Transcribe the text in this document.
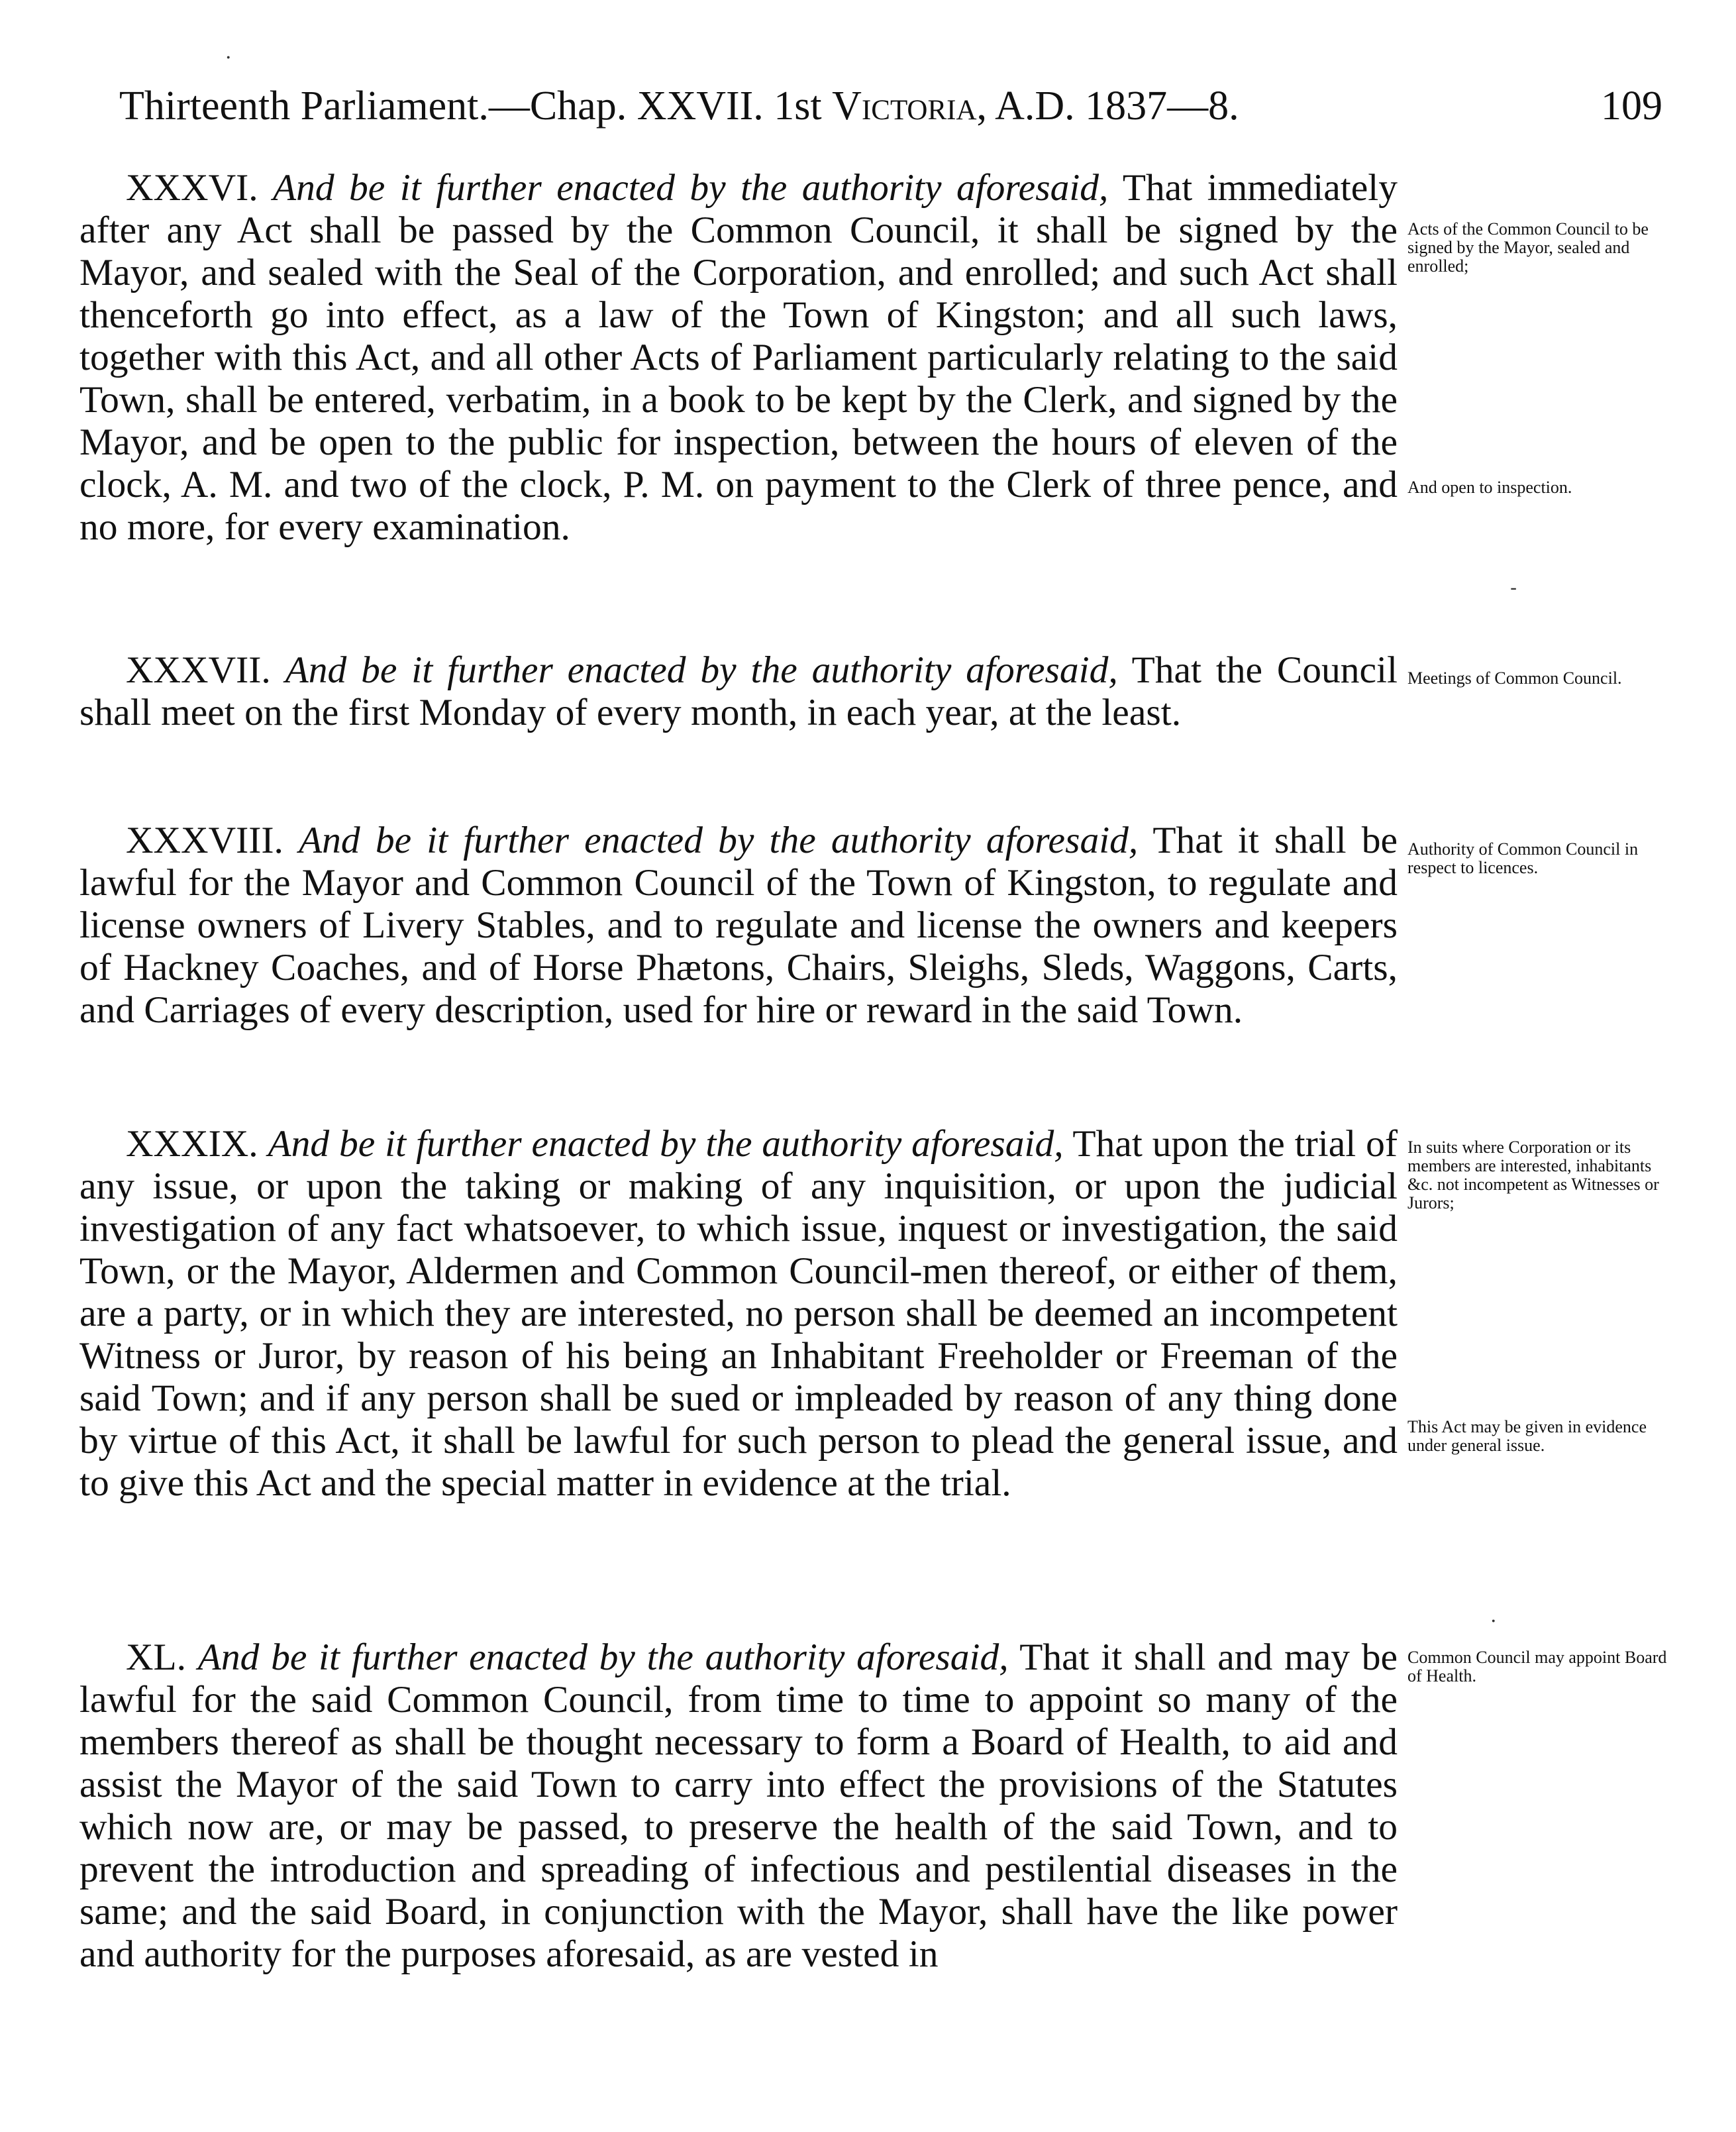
Thirteenth Parliament.—Chap. XXVII. 1st Victoria, A.D. 1837—8.	109

XXXVI. And be it further enacted by the authority aforesaid, That immediately after any Act shall be passed by the Common Council, it shall be signed by the Mayor, and sealed with the Seal of the Corporation, and enrolled; and such Act shall thenceforth go into effect, as a law of the Town of Kingston; and all such laws, together with this Act, and all other Acts of Parliament particularly relating to the said Town, shall be entered, verbatim, in a book to be kept by the Clerk, and signed by the Mayor, and be open to the public for inspection, between the hours of eleven of the clock, A. M. and two of the clock, P. M. on payment to the Clerk of three pence, and no more, for every examination.

XXXVII. And be it further enacted by the authority aforesaid, That the Council shall meet on the first Monday of every month, in each year, at the least.

XXXVIII. And be it further enacted by the authority aforesaid, That it shall be lawful for the Mayor and Common Council of the Town of Kingston, to regulate and license owners of Livery Stables, and to regulate and license the owners and keepers of Hackney Coaches, and of Horse Phætons, Chairs, Sleighs, Sleds, Waggons, Carts, and Carriages of every description, used for hire or reward in the said Town.

XXXIX. And be it further enacted by the authority aforesaid, That upon the trial of any issue, or upon the taking or making of any inquisition, or upon the judicial investigation of any fact whatsoever, to which issue, inquest or investigation, the said Town, or the Mayor, Aldermen and Common Council-men thereof, or either of them, are a party, or in which they are interested, no person shall be deemed an incompetent Witness or Juror, by reason of his being an Inhabitant Freeholder or Freeman of the said Town; and if any person shall be sued or impleaded by reason of any thing done by virtue of this Act, it shall be lawful for such person to plead the general issue, and to give this Act and the special matter in evidence at the trial.

XL. And be it further enacted by the authority aforesaid, That it shall and may be lawful for the said Common Council, from time to time to appoint so many of the members thereof as shall be thought necessary to form a Board of Health, to aid and assist the Mayor of the said Town to carry into effect the provisions of the Statutes which now are, or may be passed, to preserve the health of the said Town, and to prevent the introduction and spreading of infectious and pestilential diseases in the same; and the said Board, in conjunction with the Mayor, shall have the like power and authority for the purposes aforesaid, as are vested in

Acts of the Common Council to be signed by the Mayor, sealed and enrolled;
And open to inspection.
Meetings of Common Council.
Authority of Common Council in respect to licences.
In suits where Corporation or its members are interested, inhabitants &c. not incompetent as Witnesses or Jurors;
This Act may be given in evidence under general issue.
Common Council may appoint Board of Health.
·
-
·
